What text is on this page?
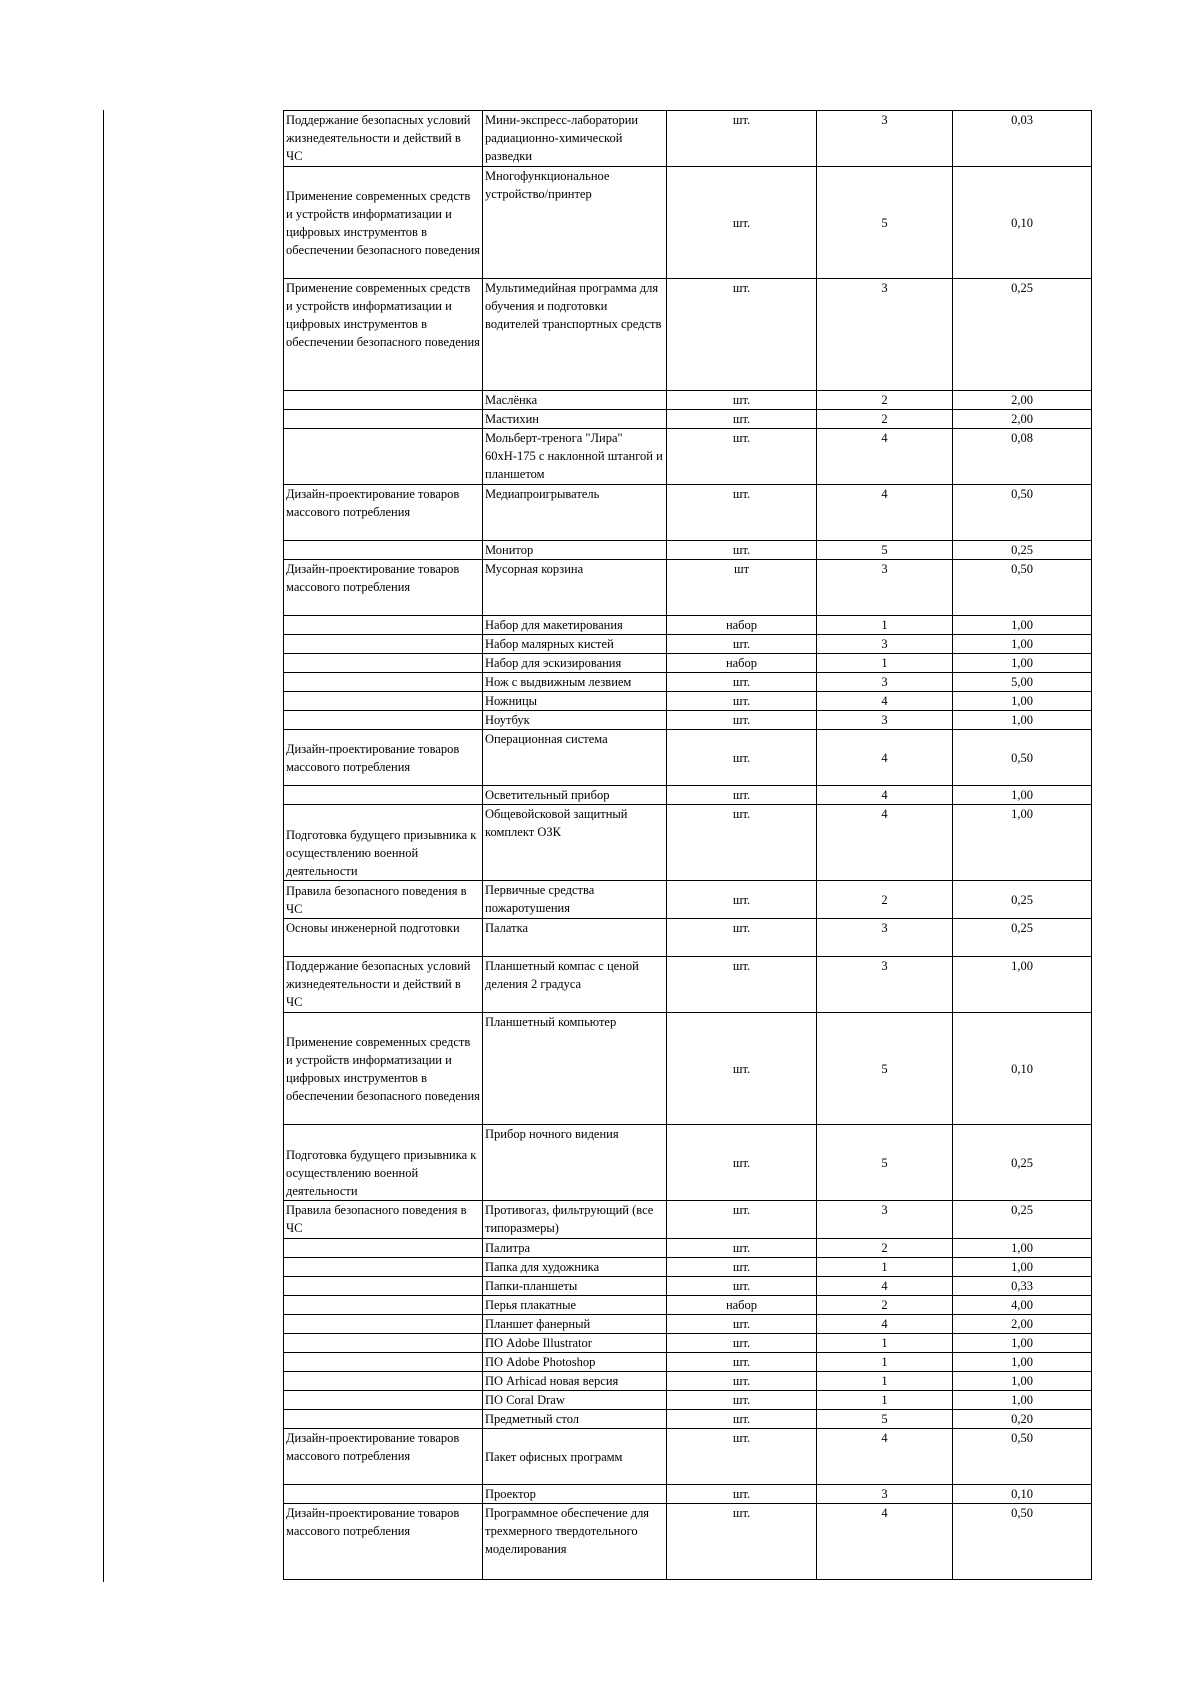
Поддержание безопасных условий жизнедеятельности и действий в ЧС	Мини-экспресс-лаборатории радиационно-химической разведки	шт.	3	0,03
Применение современных средств и устройств информатизации и цифровых инструментов в обеспечении безопасного поведения	Многофункциональное устройство/принтер	шт.	5	0,10
Применение современных средств и устройств информатизации и цифровых инструментов в обеспечении безопасного поведения	Мультимедийная программа для обучения и подготовки водителей транспортных средств	шт.	3	0,25
	Маслёнка	шт.	2	2,00
	Мастихин	шт.	2	2,00
	Мольберт-тренога "Лира" 60хН-175 с наклонной штангой и планшетом	шт.	4	0,08
Дизайн-проектирование товаров массового потребления	Медиапроигрыватель	шт.	4	0,50
	Монитор	шт.	5	0,25
Дизайн-проектирование товаров массового потребления	Мусорная корзина	шт	3	0,50
	Набор для макетирования	набор	1	1,00
	Набор малярных кистей	шт.	3	1,00
	Набор для эскизирования	набор	1	1,00
	Нож с выдвижным лезвием	шт.	3	5,00
	Ножницы	шт.	4	1,00
	Ноутбук	шт.	3	1,00
Дизайн-проектирование товаров массового потребления	Операционная система	шт.	4	0,50
	Осветительный прибор	шт.	4	1,00
Подготовка будущего призывника к осуществлению военной деятельности	Общевойсковой защитный комплект ОЗК	шт.	4	1,00
Правила безопасного поведения в ЧС	Первичные средства пожаротушения	шт.	2	0,25
Основы инженерной подготовки	Палатка	шт.	3	0,25
Поддержание безопасных условий жизнедеятельности и действий в ЧС	Планшетный компас с ценой деления 2 градуса	шт.	3	1,00
Применение современных средств и устройств информатизации и цифровых инструментов в обеспечении безопасного поведения	Планшетный компьютер	шт.	5	0,10
Подготовка будущего призывника к осуществлению военной деятельности	Прибор ночного видения	шт.	5	0,25
Правила безопасного поведения в ЧС	Противогаз, фильтрующий (все типоразмеры)	шт.	3	0,25
	Палитра	шт.	2	1,00
	Папка для художника	шт.	1	1,00
	Папки-планшеты	шт.	4	0,33
	Перья плакатные	набор	2	4,00
	Планшет фанерный	шт.	4	2,00
	ПО Adobe Illustrator	шт.	1	1,00
	ПО Adobe Photoshop	шт.	1	1,00
	ПО Arhicad новая версия	шт.	1	1,00
	ПО Coral Draw	шт.	1	1,00
	Предметный стол	шт.	5	0,20
Дизайн-проектирование товаров массового потребления	Пакет офисных программ	шт.	4	0,50
	Проектор	шт.	3	0,10
Дизайн-проектирование товаров массового потребления	Программное обеспечение для трехмерного твердотельного моделирования	шт.	4	0,50
